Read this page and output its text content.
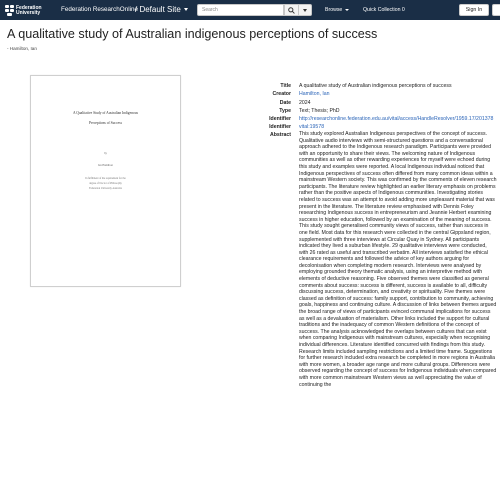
Federation
University	Federation ResearchOnline
/ Default Site
Search	Browse	Quick Collection 0	Sign In
A qualitative study of Australian indigenous perceptions of success
- Hamilton, Ian
A Qualitative Study of Australian Indigenous
Perceptions of Success
by
Ian Hamilton
In fulfilment of the requirement for the
degree of Doctor of Philosophy
Federation University Australia
Title A qualitative study of Australian indigenous perceptions of success
Creator Hamilton, Ian
Date 2024
Type Text; Thesis; PhD
Identifier http://researchonline.federation.edu.au/vital/access/HandleResolver/1959.17/201378
Identifier vital:19578
Abstract This study explored Australian Indigenous perspectives of the concept of success. Qualitative audio interviews with semi-structured questions and a conversational approach adhered to the Indigenous research paradigm. Participants were provided with an opportunity to share their views. The welcoming nature of Indigenous communities as well as other rewarding experiences for myself were echoed during this study and examples were reported. A local Indigenous individual noticed that Indigenous perspectives of success often differed from many common ideas within a mainstream Western society. This was confirmed by the comments of eleven research participants. The literature review highlighted an earlier literary emphasis on problems rather than the positive aspects of Indigenous communities. Investigating stories related to success was an attempt to avoid adding more unpleasant material that was present in the literature. The literature review emphasised with Dennis Foley researching Indigenous success in entrepreneurism and Jeannie Herbert examining success in higher education, followed by an examination of the meaning of success. This study sought generalised community views of success, rather than success in one field. Most data for this research were collected in the central Gippsland region, supplemented with three interviews at Circular Quay in Sydney. All participants indicated they lived a suburban lifestyle. 29 qualitative interviews were conducted, with 26 rated as useful and transcribed verbatim. All interviews satisfied the ethical clearance requirements and followed the advice of key authors arguing for decolonisation when completing modern research. Interviews were analysed by employing grounded theory thematic analysis, using an interpretive method with elements of deductive reasoning. Five observed themes were classified as general comments about success: success is different, success is available to all, difficulty discussing success, determination, and creativity or spirituality. Five themes were classed as definition of success: family support, contribution to community, achieving goals, happiness and continuing culture. A discussion of links between themes argued the broad range of views of participants evinced communal implications for success as well as a devaluation of materialism. Other links included the support for cultural traditions and the inadequacy of common Western definitions of the concept of success. The analysis acknowledged the overlaps between cultures that can exist when comparing Indigenous with mainstream cultures, especially when recognising individual differences. Literature identified concurred with findings from this study. Research limits included sampling restrictions and a limited time frame. Suggestions for further research included extra research be completed in more regions in Australia with more women, a broader age range and more cultural groups. Differences were observed regarding the concept of success for Indigenous individuals when compared with more common mainstream Western views as well appreciating the value of continuing the
